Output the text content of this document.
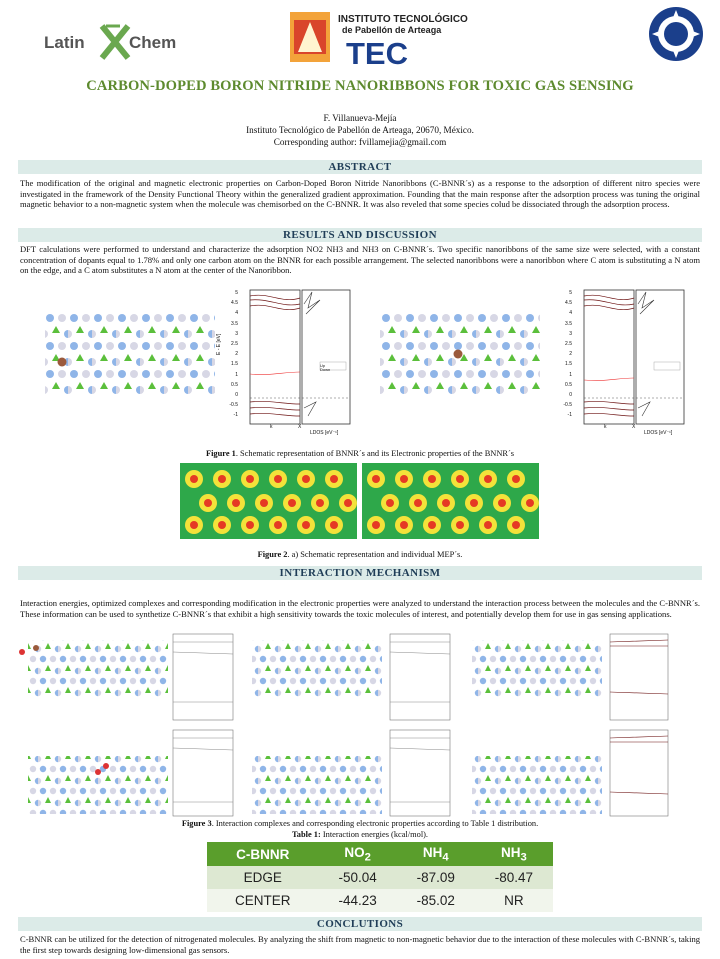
Latin	Chem
INSTITUTO TECNOLÓGICO
de Pabellón de Arteaga
TEC
CARBON-DOPED BORON NITRIDE NANORIBBONS FOR TOXIC GAS SENSING
F. Villanueva-Mejía
Instituto Tecnológico de Pabellón de Arteaga, 20670, México.
Corresponding author: fvillamejia@gmail.com
ABSTRACT
The modification of the original and magnetic electronic properties on Carbon-Doped Boron Nitride Nanoribbons (C-BNNR´s) as a response to the adsorption of different nitro species were investigated in the framework of the Density Functional Theory within the generalized gradient approximation. Founding that the main response after the adsorption process was tuning the original magnetic behavior to a non-magnetic system when the molecule was chemisorbed on the C-BNNR. It was also reveled that some species colud be dissociated through the adsorption process.
RESULTS AND DISCUSSION
DFT calculations were performed to understand and characterize the adsorption NO2 NH3 and NH3 on C-BNNR´s. Two specific nanoribbons of the same size were selected, with a constant concentration of dopants equal to 1.78% and only one carbon atom on the BNNR for each possible arrangement. The selected nanoribbons were a nanoribbon where C atom is substituting a N atom on the edge, and a C atom substitutes a N atom at the center of the Nanoribbon.
5
4.5
4
3.5
3
2.5
2
1.5
1
0.5
0
-0.5
-1
E - E [eV]
k	X
LDOS [eV⁻¹]
Up
Down
5
4.5
4
3.5
3
2.5
2
1.5
1
0.5
0
-0.5
-1
k	X
LDOS [eV⁻¹]
Figure 1. Schematic representation of BNNR´s and its Electronic properties of the BNNR´s
Figure 2. a) Schematic representation and individual MEP´s.
INTERACTION MECHANISM
Interaction energies, optimized complexes and corresponding modification in the electronic properties were analyzed to understand the interaction process between the molecules and the C-BNNR´s. These information can be used to synthetize C-BNNR´s that exhibit a high sensitivity towards the toxic molecules of interest, and potentially develop them for use in gas sensing applications.
Figure 3. Interaction complexes and corresponding electronic properties according to Table 1 distribution.
Table 1: Interaction energies (kcal/mol).
C-BNNR	$NO_2$	$NH_4$	$NH_3$
EDGE	-50.04	-87.09	-80.47
CENTER	-44.23	-85.02	NR
CONCLUTIONS
C-BNNR can be utilized for the detection of nitrogenated molecules. By analyzing the shift from magnetic to non-magnetic behavior due to the interaction of these molecules with C-BNNR´s, taking the first step towards designing low-dimensional gas sensors.
